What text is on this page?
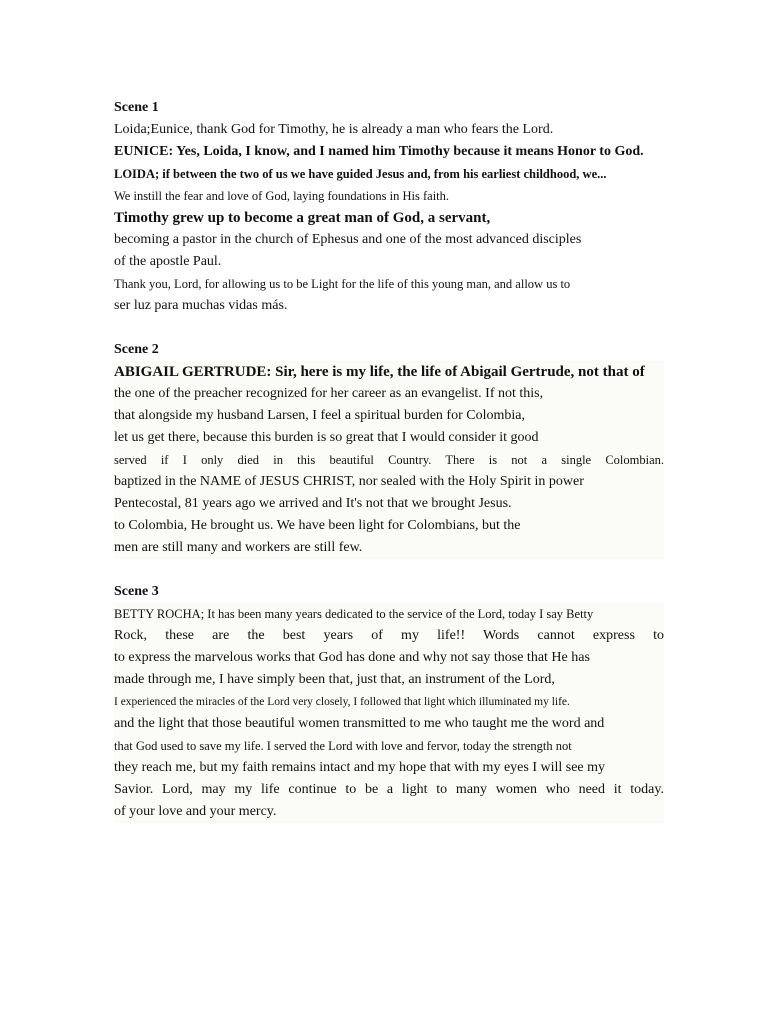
Scene 1
Loida;Eunice, thank God for Timothy, he is already a man who fears the Lord.
EUNICE: Yes, Loida, I know, and I named him Timothy because it means Honor to God.
LOIDA; if between the two of us we have guided Jesus and, from his earliest childhood, we...
We instill the fear and love of God, laying foundations in His faith.
Timothy grew up to become a great man of God, a servant,
becoming a pastor in the church of Ephesus and one of the most advanced disciples
of the apostle Paul.
Thank you, Lord, for allowing us to be Light for the life of this young man, and allow us to
ser luz para muchas vidas más.
Scene 2
ABIGAIL GERTRUDE: Sir, here is my life, the life of Abigail Gertrude, not that of
the one of the preacher recognized for her career as an evangelist. If not this,
that alongside my husband Larsen, I feel a spiritual burden for Colombia,
let us get there, because this burden is so great that I would consider it good
served if I only died in this beautiful Country. There is not a single Colombian.
baptized in the NAME of JESUS CHRIST, nor sealed with the Holy Spirit in power
Pentecostal, 81 years ago we arrived and It's not that we brought Jesus.
to Colombia, He brought us. We have been light for Colombians, but the
men are still many and workers are still few.
Scene 3
BETTY ROCHA; It has been many years dedicated to the service of the Lord, today I say Betty
Rock, these are the best years of my life!! Words cannot express to
to express the marvelous works that God has done and why not say those that He has
made through me, I have simply been that, just that, an instrument of the Lord,
I experienced the miracles of the Lord very closely, I followed that light which illuminated my life.
and the light that those beautiful women transmitted to me who taught me the word and
that God used to save my life. I served the Lord with love and fervor, today the strength not
they reach me, but my faith remains intact and my hope that with my eyes I will see my
Savior. Lord, may my life continue to be a light to many women who need it today.
of your love and your mercy.
